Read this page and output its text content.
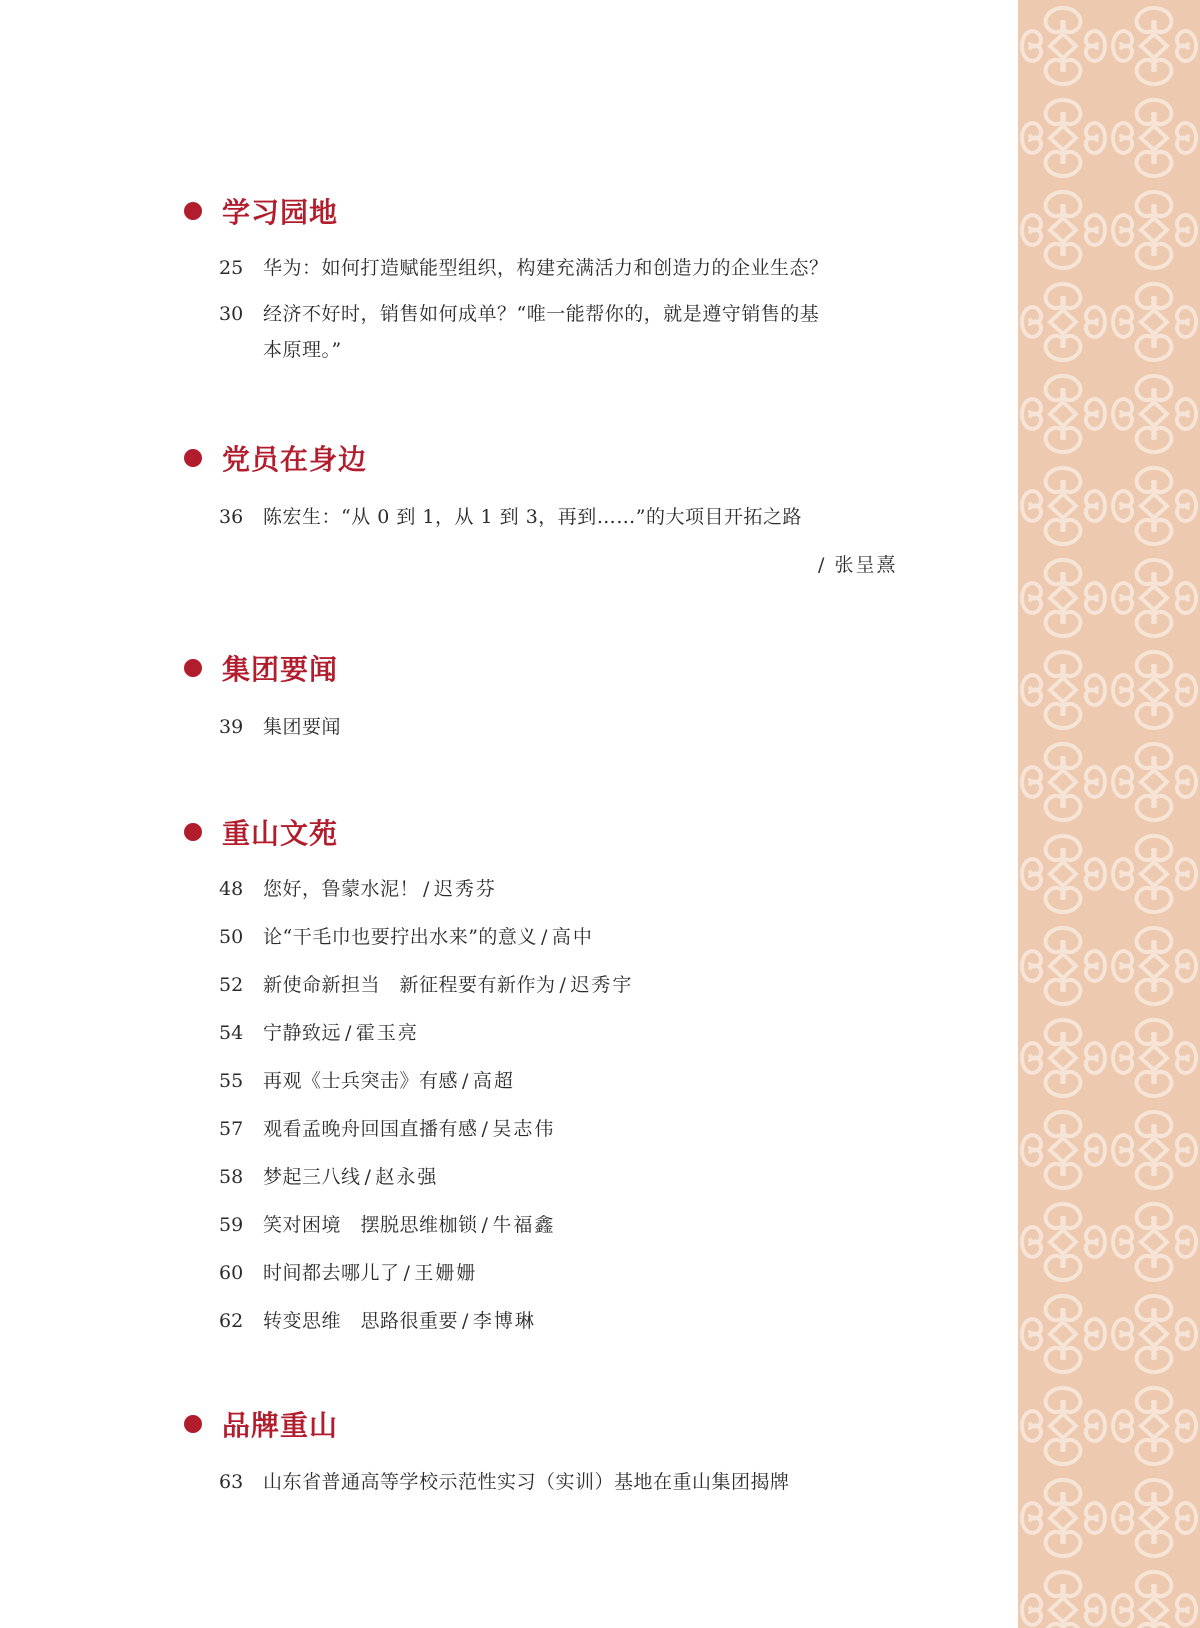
学习园地
25	华为：如何打造赋能型组织，构建充满活力和创造力的企业生态？
30	经济不好时，销售如何成单？“唯一能帮你的，就是遵守销售的基
本原理。”
党员在身边
36	陈宏生：“从 0 到 1，从 1 到 3，再到……”的大项目开拓之路
/ 张呈熹
集团要闻
39	集团要闻
重山文苑
48	您好，鲁蒙水泥！ / 迟秀芬
50	论“干毛巾也要拧出水来”的意义 / 高中
52	新使命新担当　新征程要有新作为 / 迟秀宇
54	宁静致远 / 霍玉亮
55	再观《士兵突击》有感 / 高超
57	观看孟晚舟回国直播有感 / 吴志伟
58	梦起三八线 / 赵永强
59	笑对困境　摆脱思维枷锁 / 牛福鑫
60	时间都去哪儿了 / 王姗姗
62	转变思维　思路很重要 / 李博琳
品牌重山
63	山东省普通高等学校示范性实习（实训）基地在重山集团揭牌
